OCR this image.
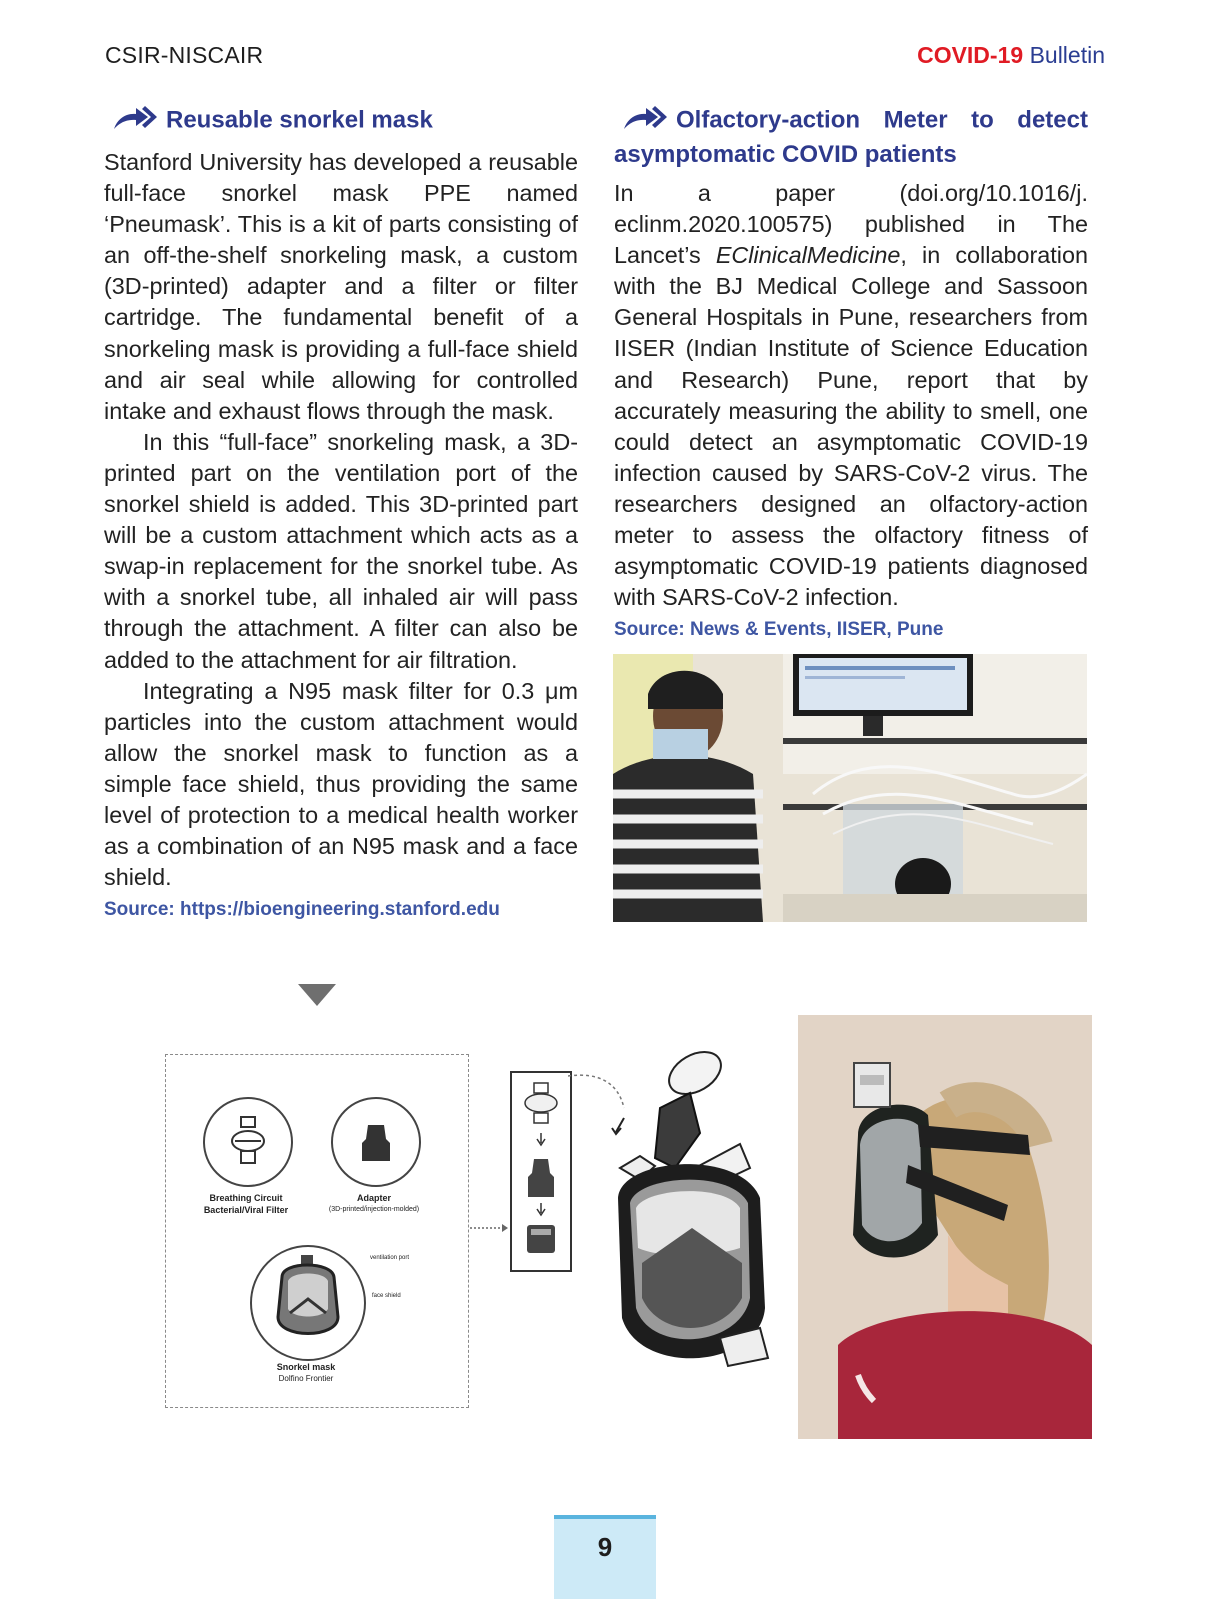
CSIR-NISCAIR	COVID-19 Bulletin
Reusable snorkel mask

Stanford University has developed a reusable full-face snorkel mask PPE named ‘Pneumask’. This is a kit of parts consisting of an off-the-shelf snorkeling mask, a custom (3D-printed) adapter and a filter or filter cartridge. The fundamental benefit of a snorkeling mask is providing a full-face shield and air seal while allowing for controlled intake and exhaust flows through the mask.

In this “full-face” snorkeling mask, a 3D-printed part on the ventilation port of the snorkel shield is added. This 3D-printed part will be a custom attachment which acts as a swap-in replacement for the snorkel tube. As with a snorkel tube, all inhaled air will pass through the attachment. A filter can also be added to the attachment for air filtration.

Integrating a N95 mask filter for 0.3 μm particles into the custom attachment would allow the snorkel mask to function as a simple face shield, thus providing the same level of protection to a medical health worker as a combination of an N95 mask and a face shield.

Source: https://bioengineering.stanford.edu
Olfactory-action Meter to detect asymptomatic COVID patients

In a paper (doi.org/10.1016/j. eclinm.2020.100575) published in The Lancet’s EClinicalMedicine, in collaboration with the BJ Medical College and Sassoon General Hospitals in Pune, researchers from IISER (Indian Institute of Science Education and Research) Pune, report that by accurately measuring the ability to smell, one could detect an asymptomatic COVID-19 infection caused by SARS-CoV-2 virus. The researchers designed an olfactory-action meter to assess the olfactory fitness of asymptomatic COVID-19 patients diagnosed with SARS-CoV-2 infection.

Source: News & Events, IISER, Pune
Breathing Circuit
Bacterial/Viral Filter
Adapter
(3D-printed/injection-molded)
ventilation port
face shield
Snorkel mask
Dolfino Frontier
9
